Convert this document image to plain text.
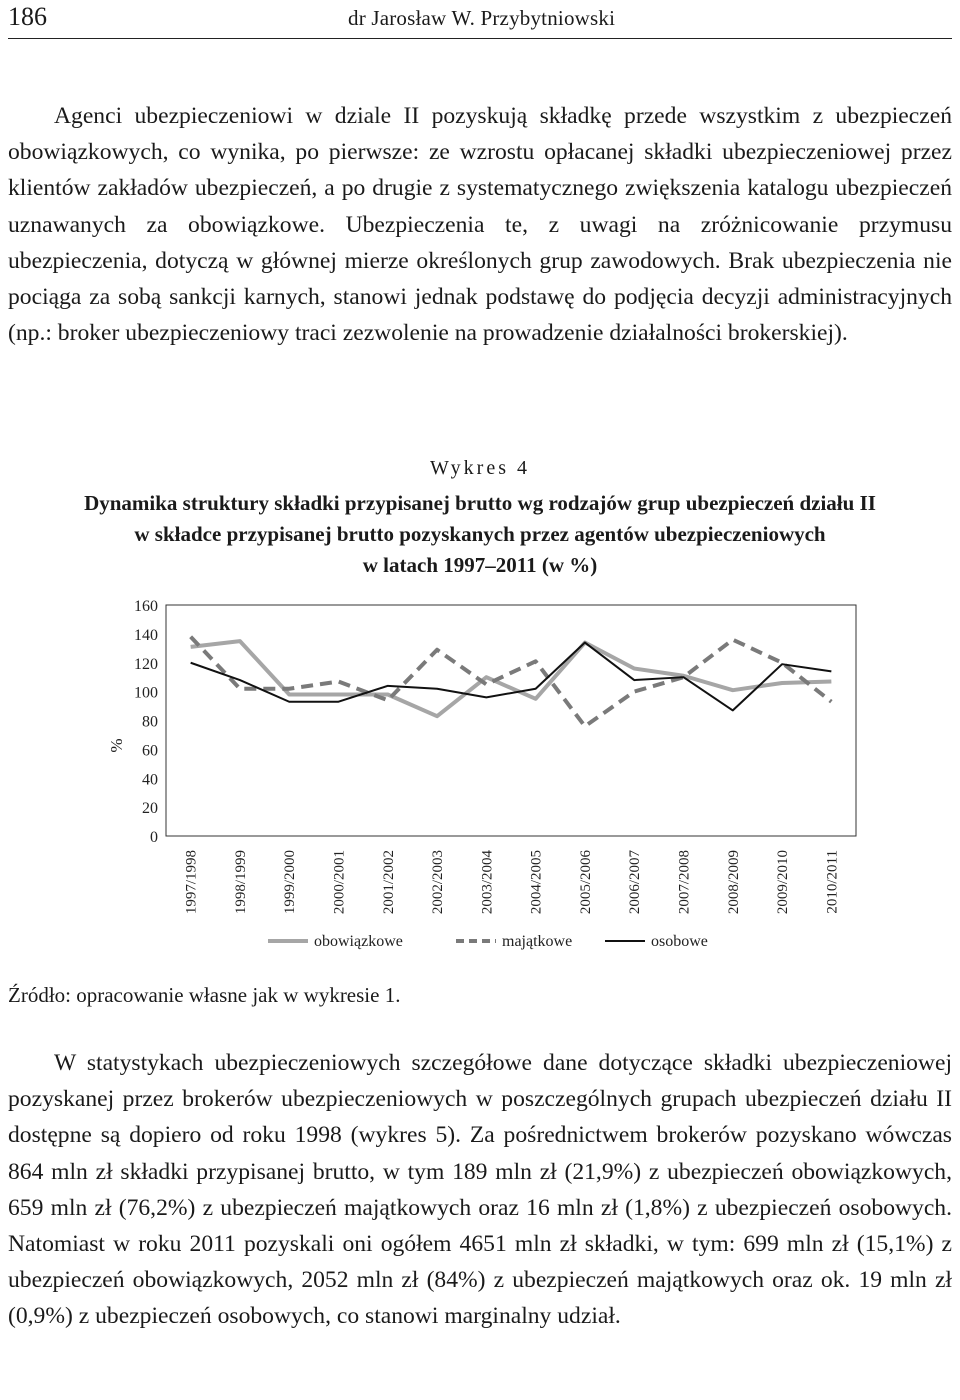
186	dr Jarosław W. Przybytniowski

Agenci ubezpieczeniowi w dziale II pozyskują składkę przede wszystkim z ubezpieczeń obowiązkowych, co wynika, po pierwsze: ze wzrostu opłacanej składki ubezpieczeniowej przez klientów zakładów ubezpieczeń, a po drugie z systematycznego zwiększenia katalogu ubezpieczeń uznawanych za obowiązkowe. Ubezpieczenia te, z uwagi na zróżnicowanie przymusu ubezpieczenia, dotyczą w głównej mierze określonych grup zawodowych. Brak ubezpieczenia nie pociąga za sobą sankcji karnych, stanowi jednak podstawę do podjęcia decyzji administracyjnych (np.: broker ubezpieczeniowy traci zezwolenie na prowadzenie działalności brokerskiej).

Wykres 4
Dynamika struktury składki przypisanej brutto wg rodzajów grup ubezpieczeń działu II
w składce przypisanej brutto pozyskanych przez agentów ubezpieczeniowych
w latach 1997–2011 (w %)
0
20
40
60
80
100
120
140
160
%
1997/1998 1998/1999 1999/2000 2000/2001 2001/2002 2002/2003 2003/2004 2004/2005 2005/2006 2006/2007 2007/2008 2008/2009 2009/2010 2010/2011
obowiązkowe	majątkowe	osobowe
Źródło: opracowanie własne jak w wykresie 1.

W statystykach ubezpieczeniowych szczegółowe dane dotyczące składki ubezpieczeniowej pozyskanej przez brokerów ubezpieczeniowych w poszczególnych grupach ubezpieczeń działu II dostępne są dopiero od roku 1998 (wykres 5). Za pośrednictwem brokerów pozyskano wówczas 864 mln zł składki przypisanej brutto, w tym 189 mln zł (21,9%) z ubezpieczeń obowiązkowych, 659 mln zł (76,2%) z ubezpieczeń majątkowych oraz 16 mln zł (1,8%) z ubezpieczeń osobowych. Natomiast w roku 2011 pozyskali oni ogółem 4651 mln zł składki, w tym: 699 mln zł (15,1%) z ubezpieczeń obowiązkowych, 2052 mln zł (84%) z ubezpieczeń majątkowych oraz ok. 19 mln zł (0,9%) z ubezpieczeń osobowych, co stanowi marginalny udział.
